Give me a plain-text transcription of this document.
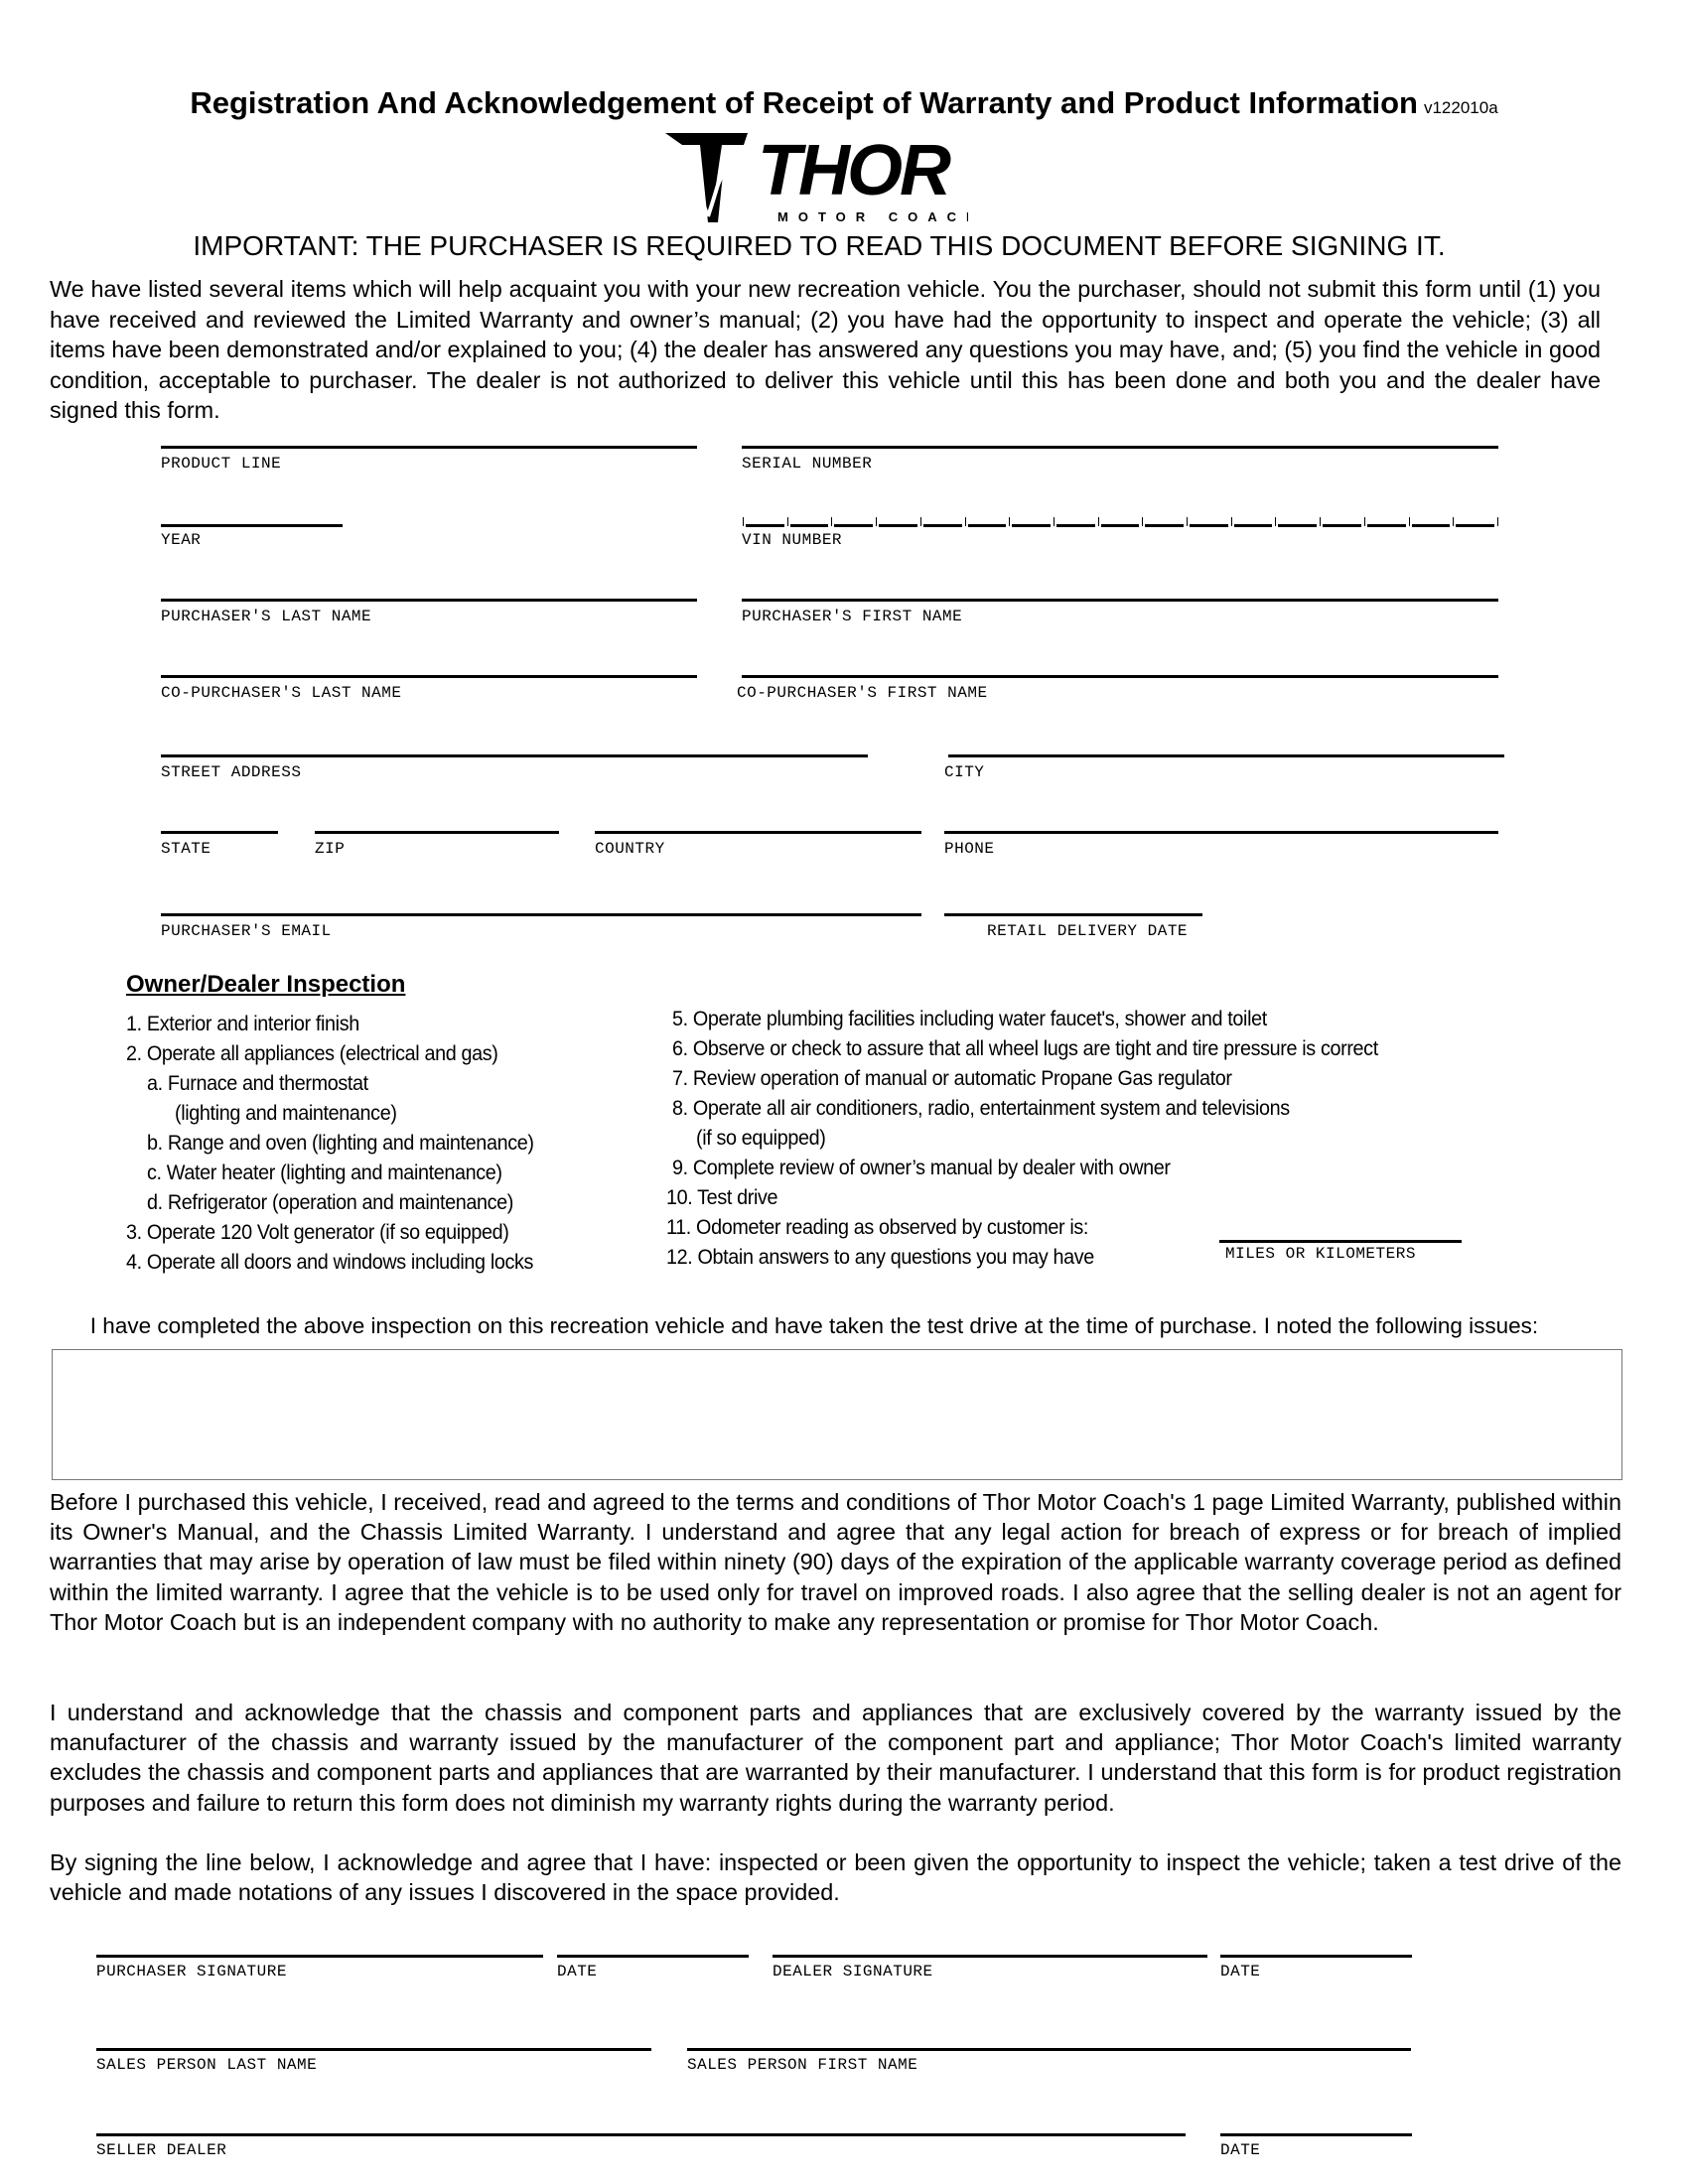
Registration And Acknowledgement of Receipt of Warranty and Product Information v122010a
THOR
MOTOR COACH
IMPORTANT: THE PURCHASER IS REQUIRED TO READ THIS DOCUMENT BEFORE SIGNING IT.
We have listed several items which will help acquaint you with your new recreation vehicle. You the purchaser, should not submit this form until (1) you have received and reviewed the Limited Warranty and owner’s manual; (2) you have had the opportunity to inspect and operate the vehicle; (3) all items have been demonstrated and/or explained to you; (4) the dealer has answered any questions you may have, and; (5) you find the vehicle in good condition, acceptable to purchaser. The dealer is not authorized to deliver this vehicle until this has been done and both you and the dealer have signed this form.
PRODUCT LINE	SERIAL NUMBER
YEAR	VIN NUMBER
PURCHASER'S LAST NAME	PURCHASER'S FIRST NAME
CO-PURCHASER'S LAST NAME	CO-PURCHASER'S FIRST NAME
STREET ADDRESS	CITY
STATE	ZIP	COUNTRY	PHONE
PURCHASER'S EMAIL	RETAIL DELIVERY DATE
Owner/Dealer Inspection
1. Exterior and interior finish
2. Operate all appliances (electrical and gas)
a. Furnace and thermostat
(lighting and maintenance)
b. Range and oven (lighting and maintenance)
c. Water heater (lighting and maintenance)
d. Refrigerator (operation and maintenance)
3. Operate 120 Volt generator (if so equipped)
4. Operate all doors and windows including locks
5. Operate plumbing facilities including water faucet's, shower and toilet
6. Observe or check to assure that all wheel lugs are tight and tire pressure is correct
7. Review operation of manual or automatic Propane Gas regulator
8. Operate all air conditioners, radio, entertainment system and televisions
(if so equipped)
9. Complete review of owner’s manual by dealer with owner
10. Test drive
11. Odometer reading as observed by customer is:
12. Obtain answers to any questions you may have	MILES OR KILOMETERS
I have completed the above inspection on this recreation vehicle and have taken the test drive at the time of purchase. I noted the following issues:
Before I purchased this vehicle, I received, read and agreed to the terms and conditions of Thor Motor Coach's 1 page Limited Warranty, published within its Owner's Manual, and the Chassis Limited Warranty. I understand and agree that any legal action for breach of express or for breach of implied warranties that may arise by operation of law must be filed within ninety (90) days of the expiration of the applicable warranty coverage period as defined within the limited warranty. I agree that the vehicle is to be used only for travel on improved roads. I also agree that the selling dealer is not an agent for Thor Motor Coach but is an independent company with no authority to make any representation or promise for Thor Motor Coach.
I understand and acknowledge that the chassis and component parts and appliances that are exclusively covered by the warranty issued by the manufacturer of the chassis and warranty issued by the manufacturer of the component part and appliance; Thor Motor Coach's limited warranty excludes the chassis and component parts and appliances that are warranted by their manufacturer. I understand that this form is for product registration purposes and failure to return this form does not diminish my warranty rights during the warranty period.
By signing the line below, I acknowledge and agree that I have: inspected or been given the opportunity to inspect the vehicle; taken a test drive of the vehicle and made notations of any issues I discovered in the space provided.
PURCHASER SIGNATURE	DATE	DEALER SIGNATURE	DATE
SALES PERSON LAST NAME	SALES PERSON FIRST NAME
SELLER DEALER	DATE
